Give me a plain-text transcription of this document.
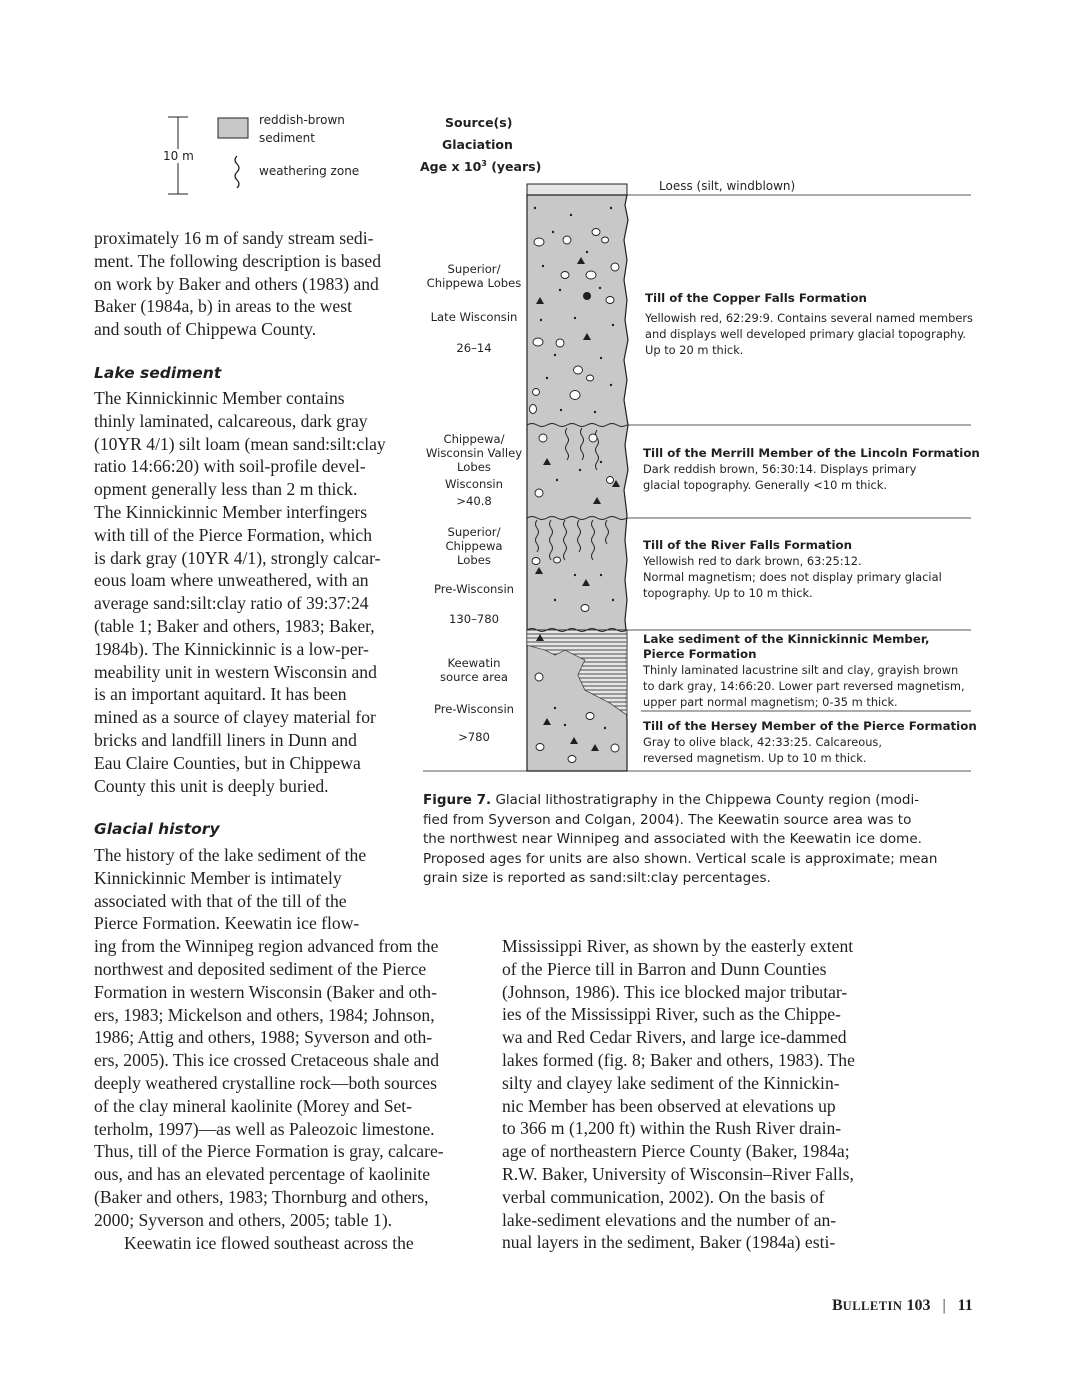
10 m
reddish-brown
sediment
weathering zone
Source(s)
Glaciation
Age x $10^3$ (years)
Loess (silt, windblown)
Superior/
Chippewa Lobes
Late Wisconsin
26–14
Chippewa/
Wisconsin Valley
Lobes
Wisconsin
>40.8
Superior/
Chippewa
Lobes
Pre-Wisconsin
130–780
Keewatin
source area
Pre-Wisconsin
>780
Till of the Copper Falls Formation
Yellowish red, 62:29:9. Contains several named members
and displays well developed primary glacial topography.
Up to 20 m thick.
Till of the Merrill Member of the Lincoln Formation
Dark reddish brown, 56:30:14. Displays primary
glacial topography. Generally <10 m thick.
Till of the River Falls Formation
Yellowish red to dark brown, 63:25:12.
Normal magnetism; does not display primary glacial
topography. Up to 10 m thick.
Lake sediment of the Kinnickinnic Member,
Pierce Formation
Thinly laminated lacustrine silt and clay, grayish brown
to dark gray, 14:66:20. Lower part reversed magnetism,
upper part normal magnetism; 0-35 m thick.
Till of the Hersey Member of the Pierce Formation
Gray to olive black, 42:33:25. Calcareous,
reversed magnetism. Up to 10 m thick.
Figure 7. Glacial lithostratigraphy in the Chippewa County region (modi-
fied from Syverson and Colgan, 2004). The Keewatin source area was to
the northwest near Winnipeg and associated with the Keewatin ice dome.
Proposed ages for units are also shown. Vertical scale is approximate; mean
grain size is reported as sand:silt:clay percentages.
proximately 16 m of sandy stream sedi-
ment. The following description is based
on work by Baker and others (1983) and
Baker (1984a, b) in areas to the west
and south of Chippewa County.
Lake sediment
The Kinnickinnic Member contains
thinly laminated, calcareous, dark gray
(10YR 4/1) silt loam (mean sand:silt:clay
ratio 14:66:20) with soil-profile devel-
opment generally less than 2 m thick.
The Kinnickinnic Member interfingers
with till of the Pierce Formation, which
is dark gray (10YR 4/1), strongly calcar-
eous loam where unweathered, with an
average sand:silt:clay ratio of 39:37:24
(table 1; Baker and others, 1983; Baker,
1984b). The Kinnickinnic is a low-per-
meability unit in western Wisconsin and
is an important aquitard. It has been
mined as a source of clayey material for
bricks and landfill liners in Dunn and
Eau Claire Counties, but in Chippewa
County this unit is deeply buried.
Glacial history
The history of the lake sediment of the
Kinnickinnic Member is intimately
associated with that of the till of the
Pierce Formation. Keewatin ice flow-
ing from the Winnipeg region advanced from the
northwest and deposited sediment of the Pierce
Formation in western Wisconsin (Baker and oth-
ers, 1983; Mickelson and others, 1984; Johnson,
1986; Attig and others, 1988; Syverson and oth-
ers, 2005). This ice crossed Cretaceous shale and
deeply weathered crystalline rock—both sources
of the clay mineral kaolinite (Morey and Set-
terholm, 1997)—as well as Paleozoic limestone.
Thus, till of the Pierce Formation is gray, calcare-
ous, and has an elevated percentage of kaolinite
(Baker and others, 1983; Thornburg and others,
2000; Syverson and others, 2005; table 1).
Keewatin ice flowed southeast across the
Mississippi River, as shown by the easterly extent
of the Pierce till in Barron and Dunn Counties
(Johnson, 1986). This ice blocked major tributar-
ies of the Mississippi River, such as the Chippe-
wa and Red Cedar Rivers, and large ice-dammed
lakes formed (fig. 8; Baker and others, 1983). The
silty and clayey lake sediment of the Kinnickin-
nic Member has been observed at elevations up
to 366 m (1,200 ft) within the Rush River drain-
age of northeastern Pierce County (Baker, 1984a;
R.W. Baker, University of Wisconsin–River Falls,
verbal communication, 2002). On the basis of
lake-sediment elevations and the number of an-
nual layers in the sediment, Baker (1984a) esti-
BULLETIN 103 | 11
